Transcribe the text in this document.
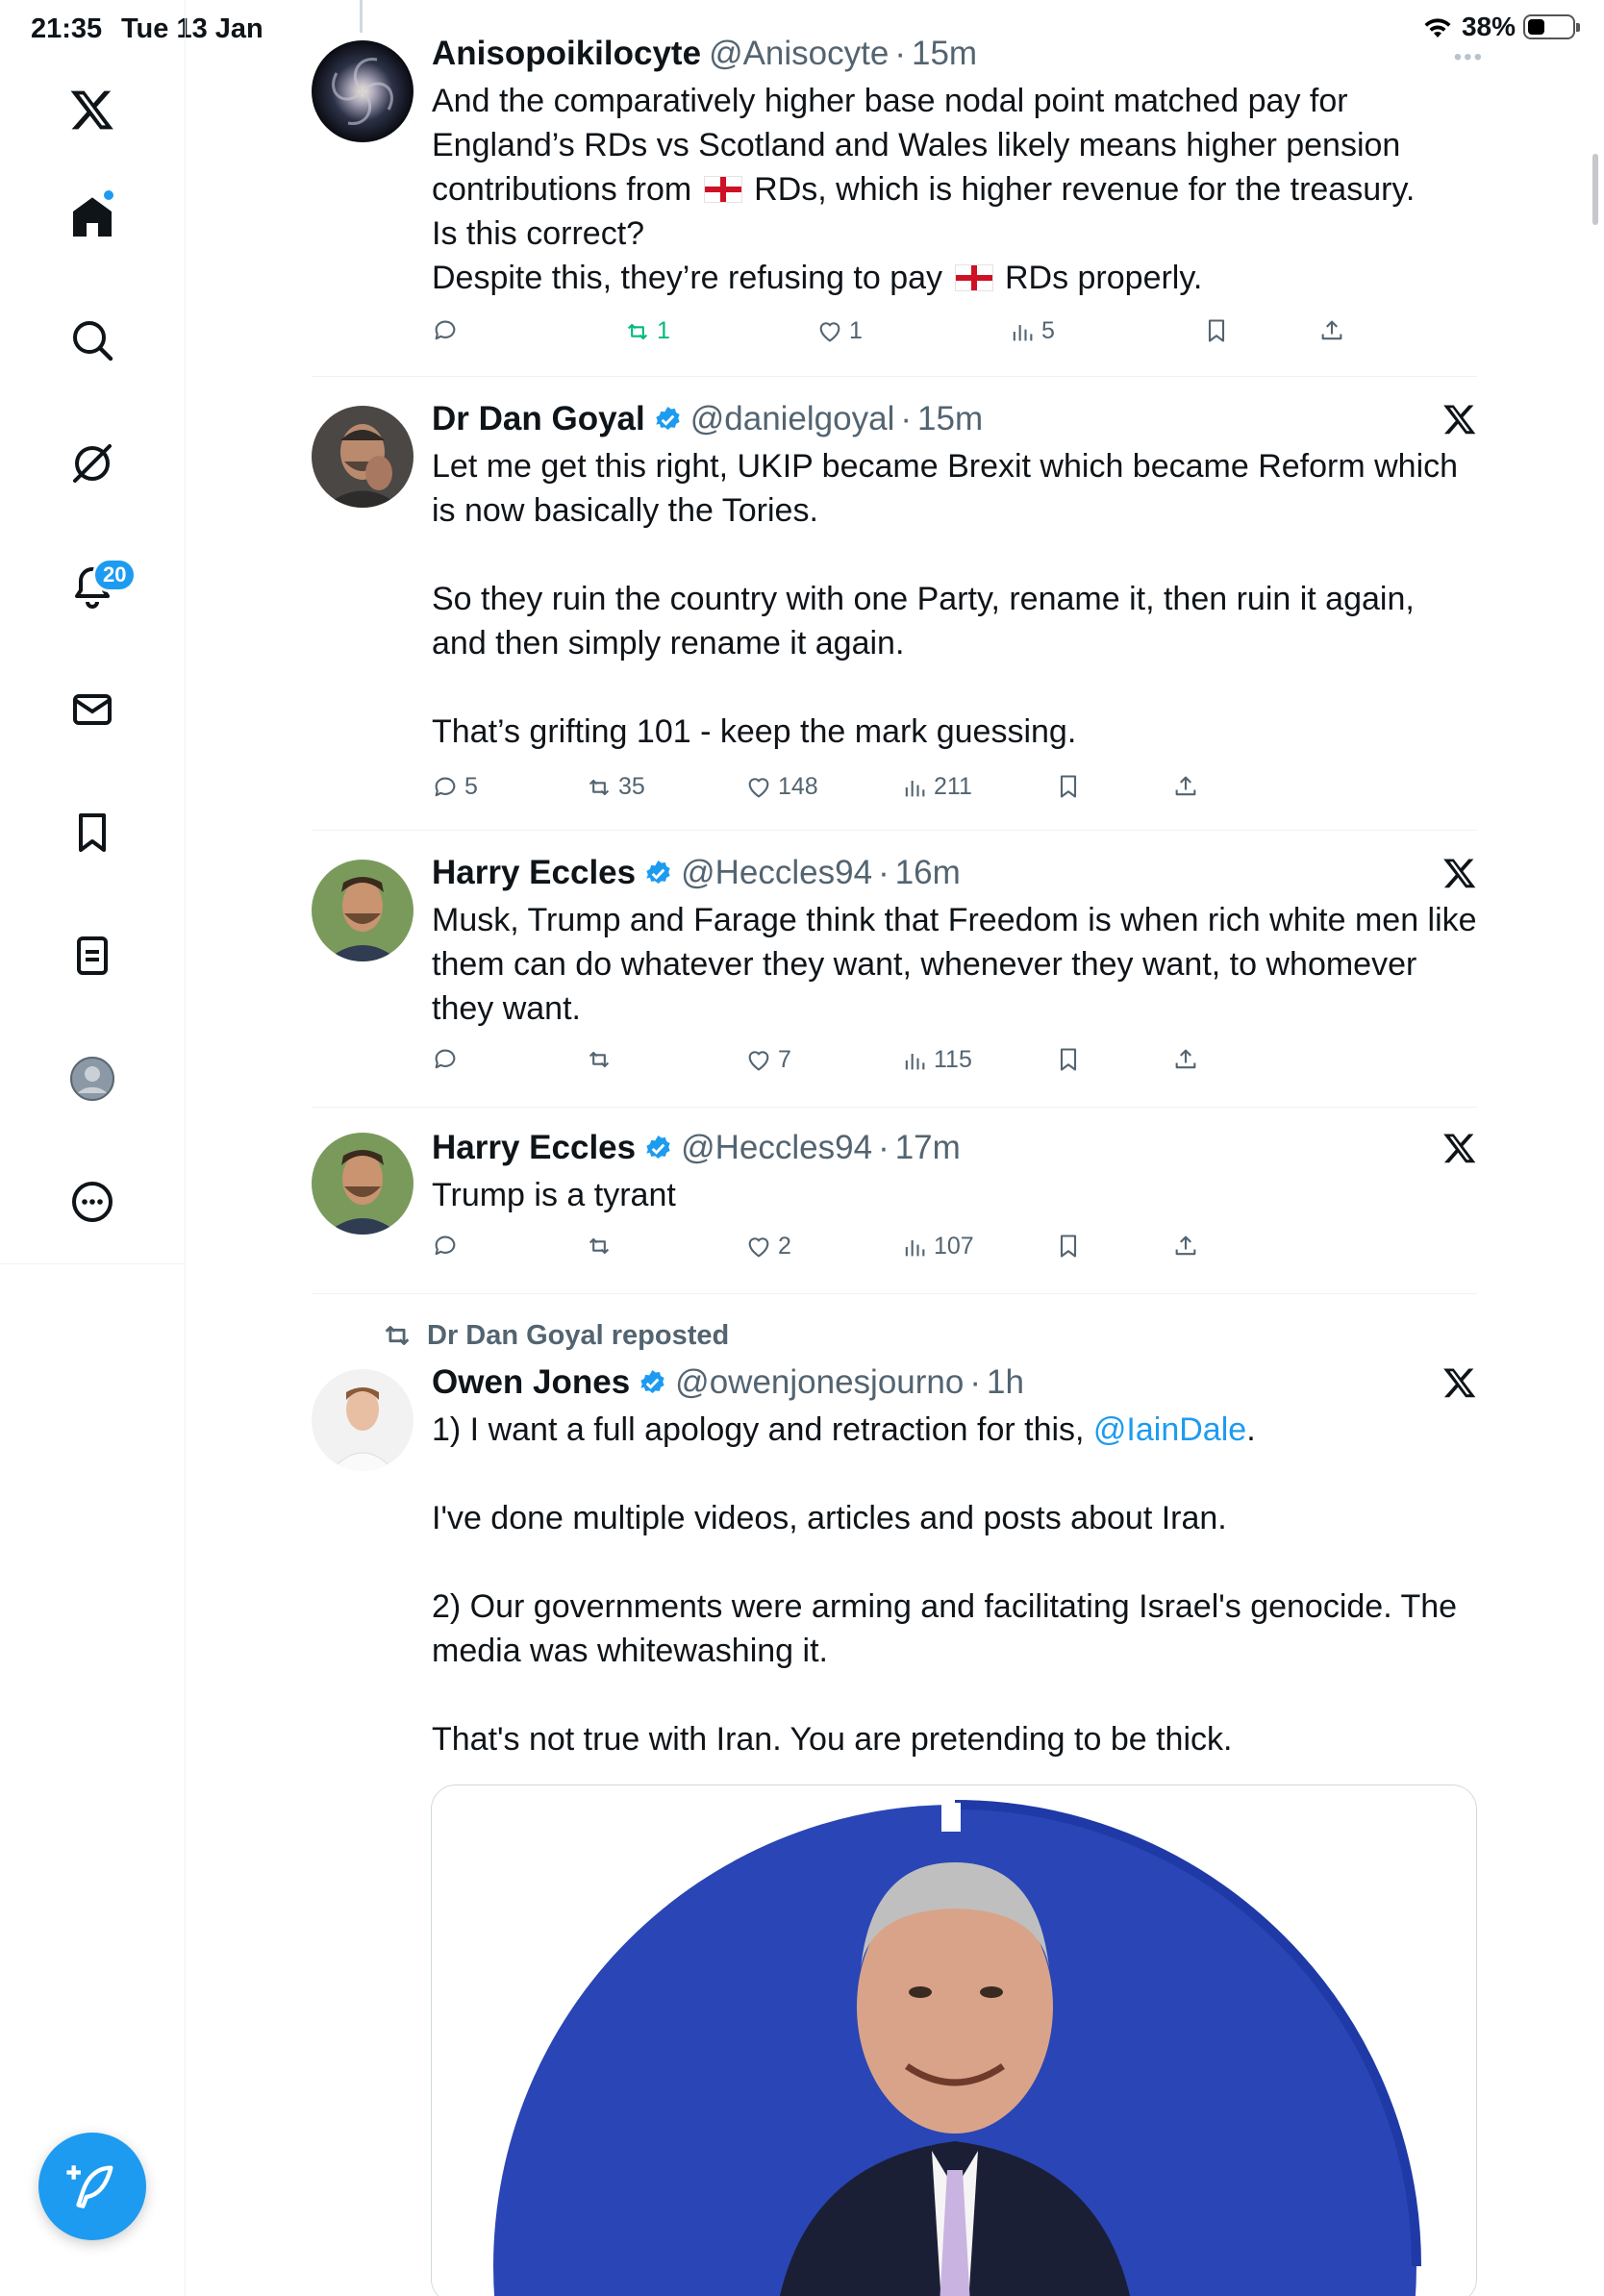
21:35 Tue 13 Jan	38%
•••
20
Anisopoikilocyte @Anisocyte · 15m
And the comparatively higher base nodal point matched pay for
England’s RDs vs Scotland and Wales likely means higher pension
contributions from RDs, which is higher revenue for the treasury.
Is this correct?
Despite this, they’re refusing to pay RDs properly.
1	1	5
Dr Dan Goyal @danielgoyal · 15m
Let me get this right, UKIP became Brexit which became Reform which
is now basically the Tories.

So they ruin the country with one Party, rename it, then ruin it again,
and then simply rename it again.

That’s grifting 101 - keep the mark guessing.
5	35	148	211
Harry Eccles @Heccles94 · 16m
Musk, Trump and Farage think that Freedom is when rich white men like
them can do whatever they want, whenever they want, to whomever
they want.
7	115
Harry Eccles @Heccles94 · 17m
Trump is a tyrant
2	107
Dr Dan Goyal reposted
Owen Jones @owenjonesjourno · 1h
1) I want a full apology and retraction for this, @IainDale.

I've done multiple videos, articles and posts about Iran.

2) Our governments were arming and facilitating Israel's genocide. The
media was whitewashing it.

That's not true with Iran. You are pretending to be thick.
